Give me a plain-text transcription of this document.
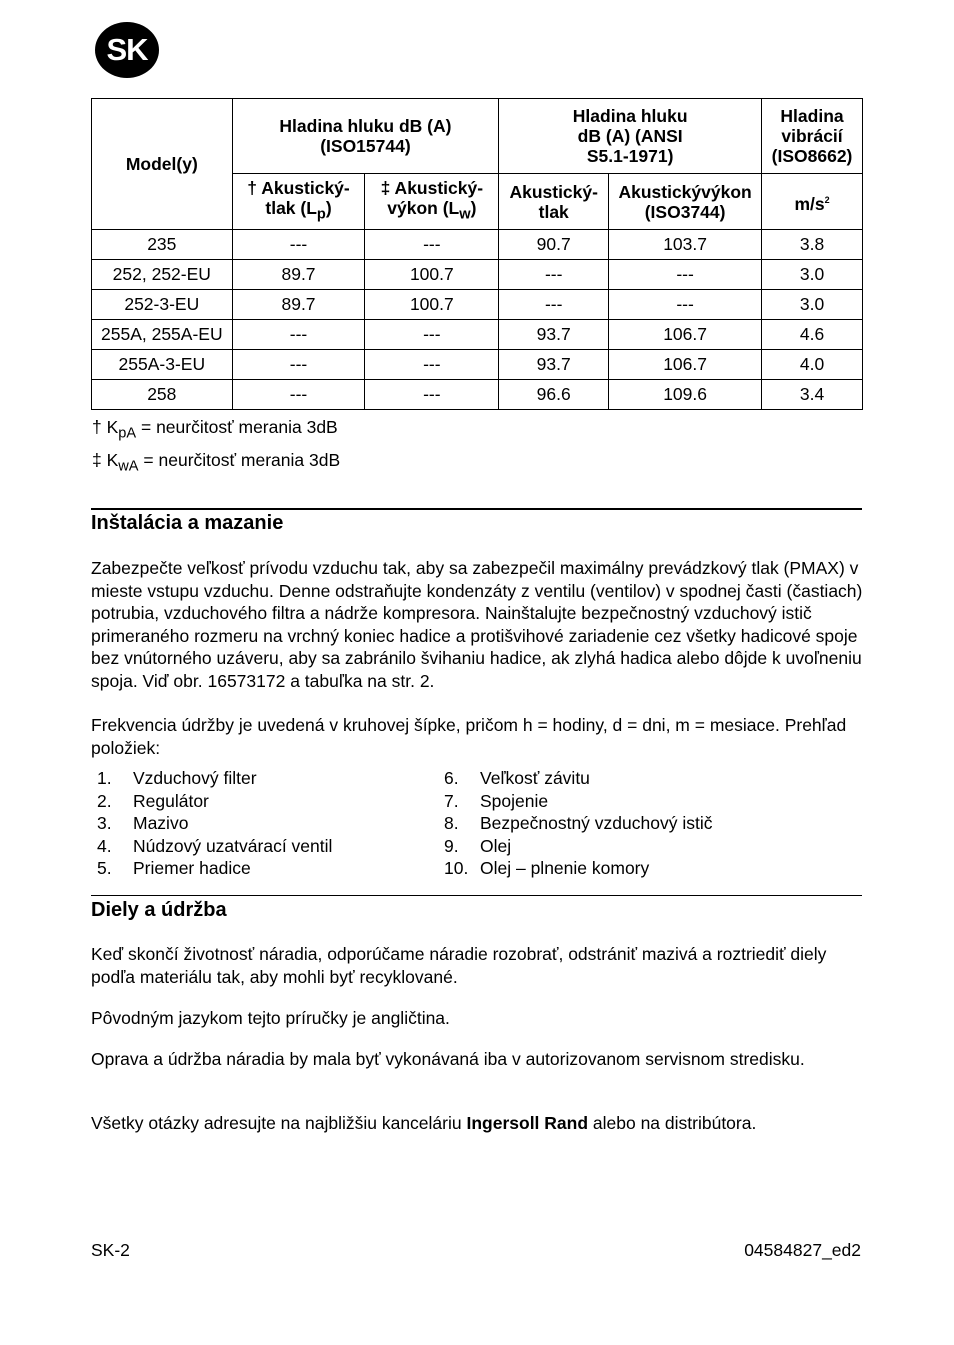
SK
Model(y)	Hladina hluku dB (A) (ISO15744)		Hladina hluku dB (A) (ANSI S5.1-1971)		Hladina vibrácií (ISO8662)
	† Akustický-tlak $(L_p)$	‡ Akustický-výkon $(L_w)$	Akustický-tlak	Akustickývýkon (ISO3744)	$m/s^2$
235	---	---	90.7	103.7	3.8
252, 252-EU	89.7	100.7	---	---	3.0
252-3-EU	89.7	100.7	---	---	3.0
255A, 255A-EU	---	---	93.7	106.7	4.6
255A-3-EU	---	---	93.7	106.7	4.0
258	---	---	96.6	109.6	3.4
† $K_{pA}$ = neurčitosť merania 3dB
‡ $K_{wA}$ = neurčitosť merania 3dB
Inštalácia a mazanie

Zabezpečte veľkosť prívodu vzduchu tak, aby sa zabezpečil maximálny prevádzkový tlak (PMAX) v mieste vstupu vzduchu. Denne odstraňujte kondenzáty z ventilu (ventilov) v spodnej časti (častiach) potrubia, vzduchového filtra a nádrže kompresora. Nainštalujte bezpečnostný vzduchový istič primeraného rozmeru na vrchný koniec hadice a protišvihové zariadenie cez všetky hadicové spoje bez vnútorného uzáveru, aby sa zabránilo švihaniu hadice, ak zlyhá hadica alebo dôjde k uvoľneniu spoja. Viď obr. 16573172 a tabuľka na str. 2.

Frekvencia údržby je uvedená v kruhovej šípke, pričom h = hodiny, d = dni, m = mesiace. Prehľad položiek:

1.	Vzduchový filter
2.	Regulátor
3.	Mazivo
4.	Núdzový uzatvárací ventil
5.	Priemer hadice
6.	Veľkosť závitu
7.	Spojenie
8.	Bezpečnostný vzduchový istič
9.	Olej
10. Olej – plnenie komory
Diely a údržba

Keď skončí životnosť náradia, odporúčame náradie rozobrať, odstrániť mazivá a roztriediť diely podľa materiálu tak, aby mohli byť recyklované.

Pôvodným jazykom tejto príručky je angličtina.

Oprava a údržba náradia by mala byť vykonávaná iba v autorizovanom servisnom stredisku.

Všetky otázky adresujte na najbližšiu kanceláriu Ingersoll Rand alebo na distribútora.

SK-2	04584827_ed2
